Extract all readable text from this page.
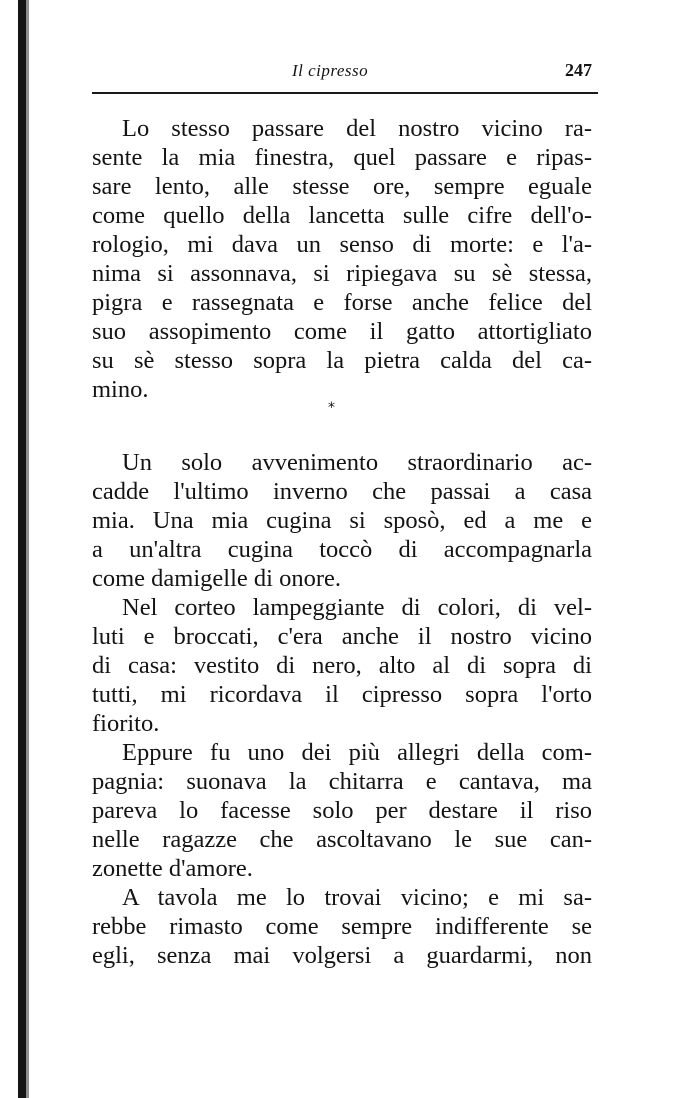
Il cipresso	247
Lo stesso passare del nostro vicino ra-
sente la mia finestra, quel passare e ripas-
sare lento, alle stesse ore, sempre eguale
come quello della lancetta sulle cifre dell'o-
rologio, mi dava un senso di morte: e l'a-
nima si assonnava, si ripiegava su sè stessa,
pigra e rassegnata e forse anche felice del
suo assopimento come il gatto attortigliato
su sè stesso sopra la pietra calda del ca-
mino.
*
Un solo avvenimento straordinario ac-
cadde l'ultimo inverno che passai a casa
mia. Una mia cugina si sposò, ed a me e
a un'altra cugina toccò di accompagnarla
come damigelle di onore.
Nel corteo lampeggiante di colori, di vel-
luti e broccati, c'era anche il nostro vicino
di casa: vestito di nero, alto al di sopra di
tutti, mi ricordava il cipresso sopra l'orto
fiorito.
Eppure fu uno dei più allegri della com-
pagnia: suonava la chitarra e cantava, ma
pareva lo facesse solo per destare il riso
nelle ragazze che ascoltavano le sue can-
zonette d'amore.
A tavola me lo trovai vicino; e mi sa-
rebbe rimasto come sempre indifferente se
egli, senza mai volgersi a guardarmi, non
